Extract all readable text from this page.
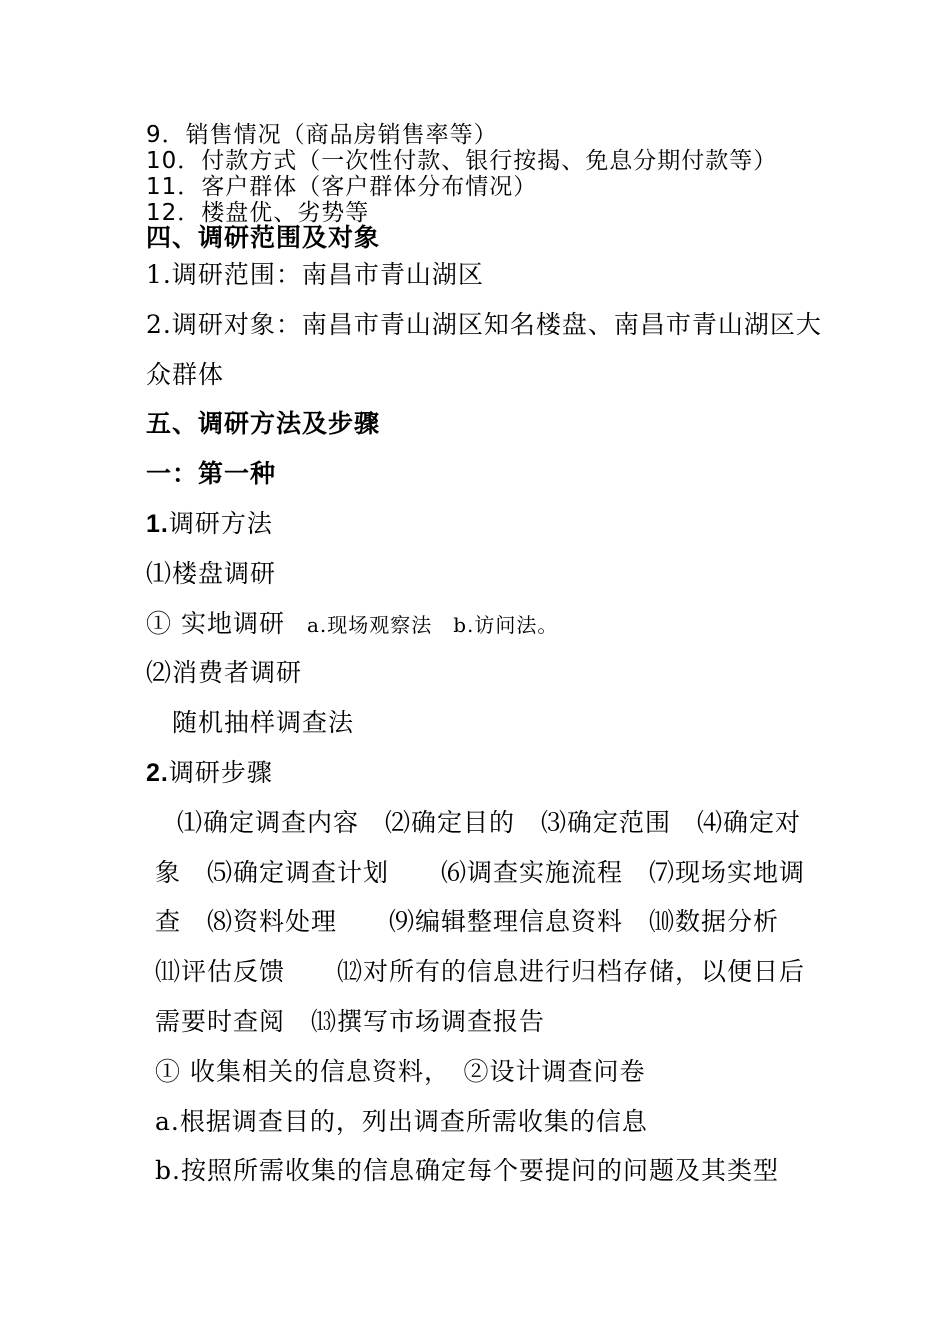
9．销售情况（商品房销售率等）
10．付款方式（一次性付款、银行按揭、免息分期付款等）
11．客户群体（客户群体分布情况）
12．楼盘优、劣势等
四、调研范围及对象
1.调研范围：南昌市青山湖区
2.调研对象：南昌市青山湖区知名楼盘、南昌市青山湖区大
众群体
五、调研方法及步骤
一：第一种
1.调研方法
⑴楼盘调研
① 实地调研 a.现场观察法　b.访问法。
⑵消费者调研
随机抽样调查法
2.调研步骤
⑴确定调查内容　⑵确定目的　⑶确定范围　⑷确定对
象　⑸确定调查计划　　⑹调查实施流程　⑺现场实地调
查　⑻资料处理　　⑼编辑整理信息资料　⑽数据分析
⑾评估反馈　　⑿对所有的信息进行归档存储，以便日后
需要时查阅　⒀撰写市场调查报告
① 收集相关的信息资料，　②设计调查问卷
a.根据调查目的，列出调查所需收集的信息
b.按照所需收集的信息确定每个要提问的问题及其类型
